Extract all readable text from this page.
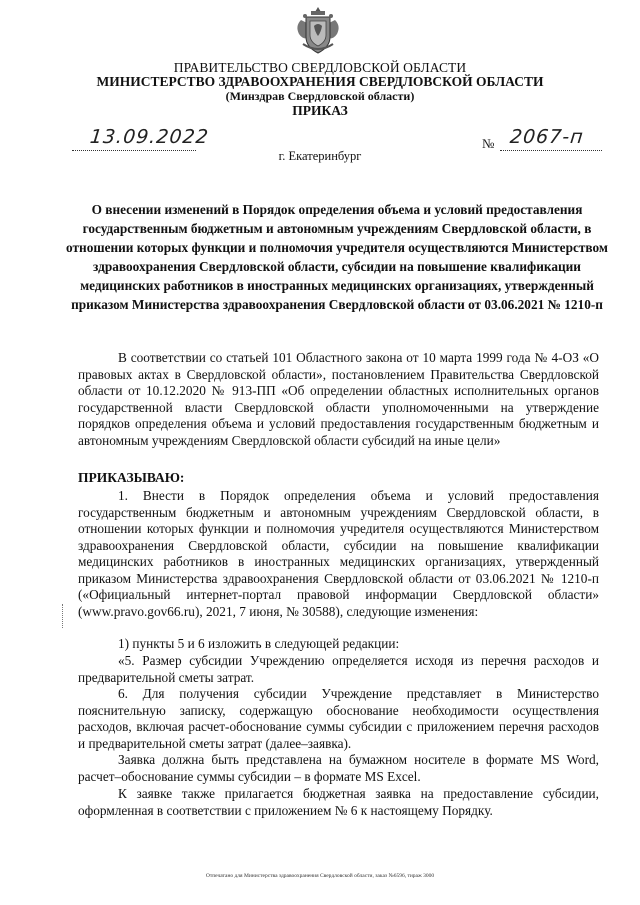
ПРАВИТЕЛЬСТВО СВЕРДЛОВСКОЙ ОБЛАСТИ
МИНИСТЕРСТВО ЗДРАВООХРАНЕНИЯ СВЕРДЛОВСКОЙ ОБЛАСТИ
(Минздрав Свердловской области)
ПРИКАЗ
13.09.2022	№ 2067-п
г. Екатеринбург

О внесении изменений в Порядок определения объема и условий предоставления государственным бюджетным и автономным учреждениям Свердловской области, в отношении которых функции и полномочия учредителя осуществляются Министерством здравоохранения Свердловской области, субсидии на повышение квалификации медицинских работников в иностранных медицинских организациях, утвержденный приказом Министерства здравоохранения Свердловской области от 03.06.2021 № 1210-п

В соответствии со статьей 101 Областного закона от 10 марта 1999 года № 4-ОЗ «О правовых актах в Свердловской области», постановлением Правительства Свердловской области от 10.12.2020 № 913-ПП «Об определении областных исполнительных органов государственной власти Свердловской области уполномоченными на утверждение порядков определения объема и условий предоставления государственным бюджетным и автономным учреждениям Свердловской области субсидий на иные цели»

ПРИКАЗЫВАЮ:

1. Внести в Порядок определения объема и условий предоставления государственным бюджетным и автономным учреждениям Свердловской области, в отношении которых функции и полномочия учредителя осуществляются Министерством здравоохранения Свердловской области, субсидии на повышение квалификации медицинских работников в иностранных медицинских организациях, утвержденный приказом Министерства здравоохранения Свердловской области от 03.06.2021 № 1210-п («Официальный интернет-портал правовой информации Свердловской области» (www.pravo.gov66.ru), 2021, 7 июня, № 30588), следующие изменения:

1) пункты 5 и 6 изложить в следующей редакции:

«5. Размер субсидии Учреждению определяется исходя из перечня расходов и предварительной сметы затрат.

6. Для получения субсидии Учреждение представляет в Министерство пояснительную записку, содержащую обоснование необходимости осуществления расходов, включая расчет-обоснование суммы субсидии с приложением перечня расходов и предварительной сметы затрат (далее–заявка).

Заявка должна быть представлена на бумажном носителе в формате MS Word, расчет–обоснование суммы субсидии – в формате MS Excel.

К заявке также прилагается бюджетная заявка на предоставление субсидии, оформленная в соответствии с приложением № 6 к настоящему Порядку.

Отпечатано для Министерства здравоохранения Свердловской области, заказ №6596, тираж 3000
